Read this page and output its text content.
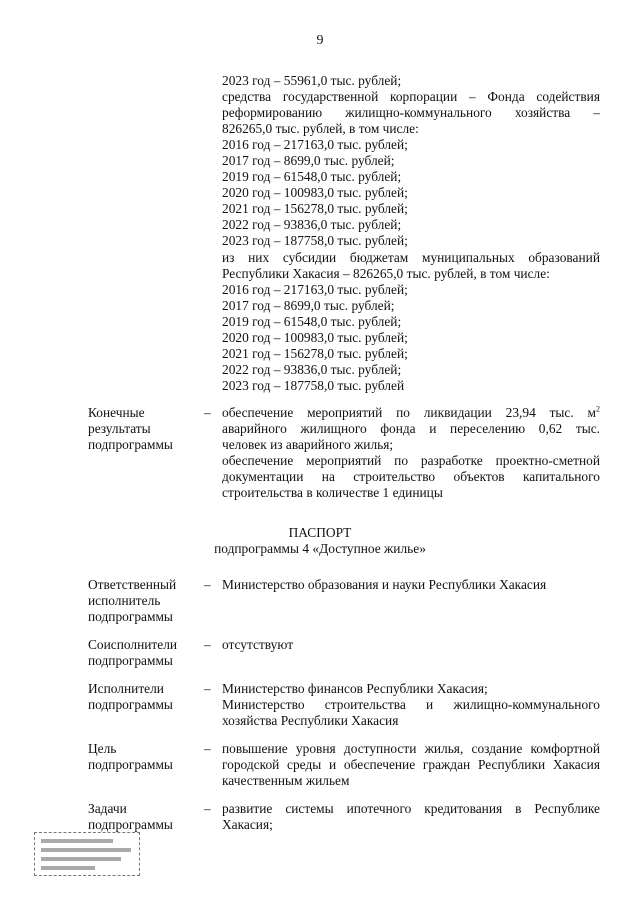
9
2023 год – 55961,0 тыс. рублей;
средства государственной корпорации – Фонда содействия
реформированию жилищно-коммунального хозяйства –
826265,0 тыс. рублей, в том числе:
2016 год – 217163,0 тыс. рублей;
2017 год – 8699,0 тыс. рублей;
2019 год – 61548,0 тыс. рублей;
2020 год – 100983,0 тыс. рублей;
2021 год – 156278,0 тыс. рублей;
2022 год – 93836,0 тыс. рублей;
2023 год – 187758,0 тыс. рублей;
из них субсидии бюджетам муниципальных образований
Республики Хакасия – 826265,0 тыс. рублей, в том числе:
2016 год – 217163,0 тыс. рублей;
2017 год – 8699,0 тыс. рублей;
2019 год – 61548,0 тыс. рублей;
2020 год – 100983,0 тыс. рублей;
2021 год – 156278,0 тыс. рублей;
2022 год – 93836,0 тыс. рублей;
2023 год – 187758,0 тыс. рублей
Конечные
результаты
подпрограммы
– обеспечение мероприятий по ликвидации 23,94 тыс. $м^2$
аварийного жилищного фонда и переселению 0,62 тыс.
человек из аварийного жилья;
обеспечение мероприятий по разработке проектно-сметной
документации на строительство объектов капитального
строительства в количестве 1 единицы
ПАСПОРТ
подпрограммы 4 «Доступное жилье»
Ответственный
исполнитель
подпрограммы
– Министерство образования и науки Республики Хакасия
Соисполнители
подпрограммы
– отсутствуют
Исполнители
подпрограммы
– Министерство финансов Республики Хакасия;
Министерство строительства и жилищно-коммунального
хозяйства Республики Хакасия
Цель
подпрограммы
– повышение уровня доступности жилья, создание комфортной
городской среды и обеспечение граждан Республики Хакасия
качественным жильем
Задачи
подпрограммы
– развитие системы ипотечного кредитования в Республике
Хакасия;
